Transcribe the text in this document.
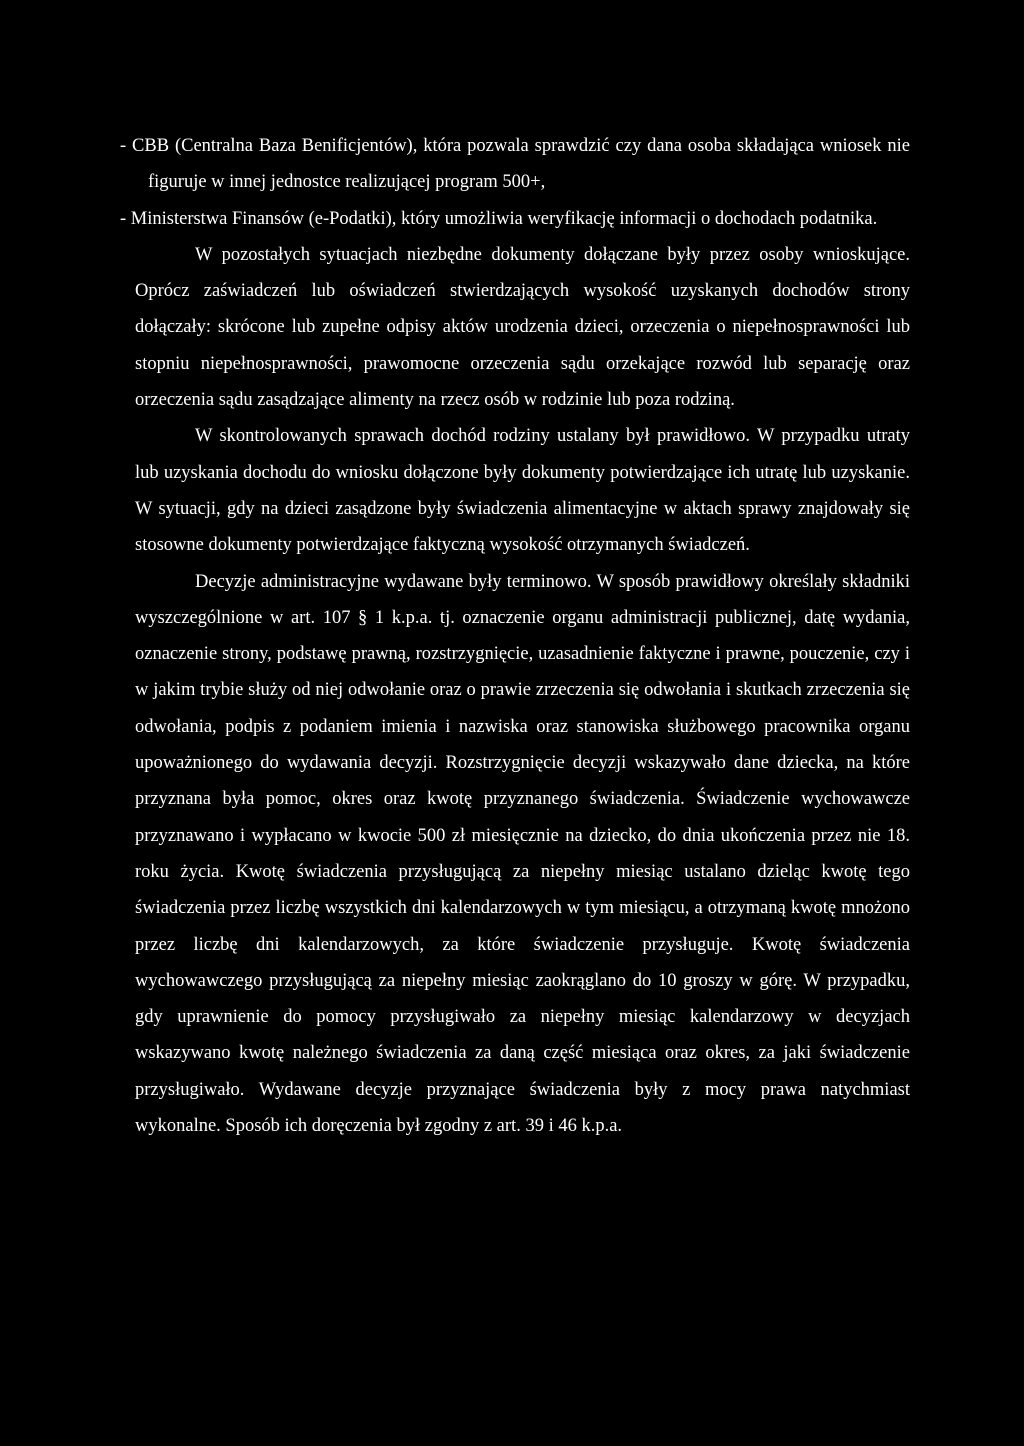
- CBB (Centralna Baza Benificjentów), która pozwala sprawdzić czy dana osoba składająca wniosek nie figuruje w innej jednostce realizującej program 500+,
- Ministerstwa Finansów (e-Podatki), który umożliwia weryfikację informacji o dochodach podatnika.

W pozostałych sytuacjach niezbędne dokumenty dołączane były przez osoby wnioskujące. Oprócz zaświadczeń lub oświadczeń stwierdzających wysokość uzyskanych dochodów strony dołączały: skrócone lub zupełne odpisy aktów urodzenia dzieci, orzeczenia o niepełnosprawności lub stopniu niepełnosprawności, prawomocne orzeczenia sądu orzekające rozwód lub separację oraz orzeczenia sądu zasądzające alimenty na rzecz osób w rodzinie lub poza rodziną.

W skontrolowanych sprawach dochód rodziny ustalany był prawidłowo. W przypadku utraty lub uzyskania dochodu do wniosku dołączone były dokumenty potwierdzające ich utratę lub uzyskanie. W sytuacji, gdy na dzieci zasądzone były świadczenia alimentacyjne w aktach sprawy znajdowały się stosowne dokumenty potwierdzające faktyczną wysokość otrzymanych świadczeń.

Decyzje administracyjne wydawane były terminowo. W sposób prawidłowy określały składniki wyszczególnione w art. 107 § 1 k.p.a. tj. oznaczenie organu administracji publicznej, datę wydania, oznaczenie strony, podstawę prawną, rozstrzygnięcie, uzasadnienie faktyczne i prawne, pouczenie, czy i w jakim trybie służy od niej odwołanie oraz o prawie zrzeczenia się odwołania i skutkach zrzeczenia się odwołania, podpis z podaniem imienia i nazwiska oraz stanowiska służbowego pracownika organu upoważnionego do wydawania decyzji. Rozstrzygnięcie decyzji wskazywało dane dziecka, na które przyznana była pomoc, okres oraz kwotę przyznanego świadczenia. Świadczenie wychowawcze przyznawano i wypłacano w kwocie 500 zł miesięcznie na dziecko, do dnia ukończenia przez nie 18. roku życia. Kwotę świadczenia przysługującą za niepełny miesiąc ustalano dzieląc kwotę tego świadczenia przez liczbę wszystkich dni kalendarzowych w tym miesiącu, a otrzymaną kwotę mnożono przez liczbę dni kalendarzowych, za które świadczenie przysługuje. Kwotę świadczenia wychowawczego przysługującą za niepełny miesiąc zaokrąglano do 10 groszy w górę. W przypadku, gdy uprawnienie do pomocy przysługiwało za niepełny miesiąc kalendarzowy w decyzjach wskazywano kwotę należnego świadczenia za daną część miesiąca oraz okres, za jaki świadczenie przysługiwało. Wydawane decyzje przyznające świadczenia były z mocy prawa natychmiast wykonalne. Sposób ich doręczenia był zgodny z art. 39 i 46 k.p.a.
